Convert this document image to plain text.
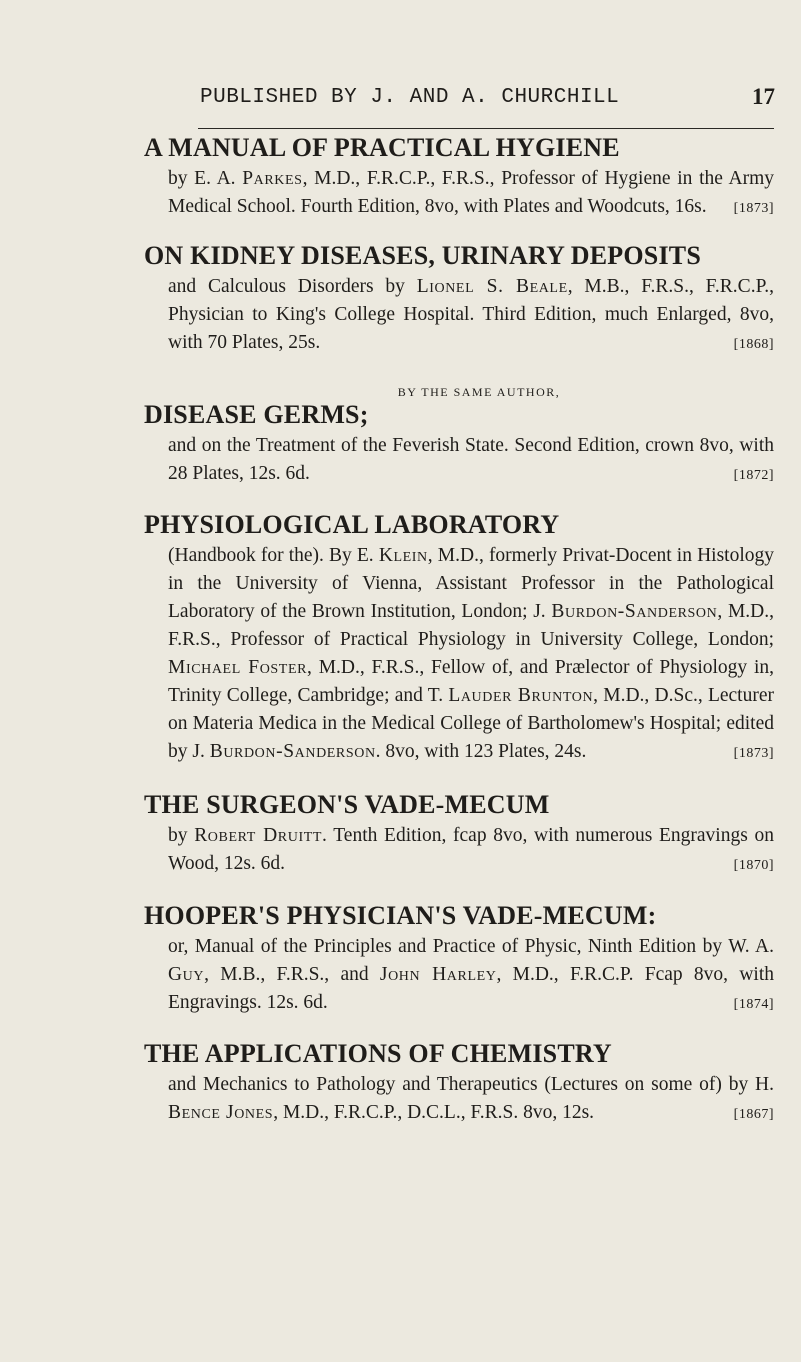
PUBLISHED BY J. AND A. CHURCHILL	17
A MANUAL OF PRACTICAL HYGIENE

by E. A. Parkes, M.D., F.R.C.P., F.R.S., Professor of Hygiene in the Army Medical School. Fourth Edition, 8vo, with Plates and Woodcuts, 16s. [1873]

ON KIDNEY DISEASES, URINARY DEPOSITS

and Calculous Disorders by Lionel S. Beale, M.B., F.R.S., F.R.C.P., Physician to King's College Hospital. Third Edition, much Enlarged, 8vo, with 70 Plates, 25s.	[1868]

BY THE SAME AUTHOR,

DISEASE GERMS;

and on the Treatment of the Feverish State. Second Edition, crown 8vo, with 28 Plates, 12s. 6d.	[1872]

PHYSIOLOGICAL LABORATORY

(Handbook for the). By E. Klein, M.D., formerly Privat-Docent in Histology in the University of Vienna, Assistant Professor in the Pathological Laboratory of the Brown Institution, London; J. Burdon-Sanderson, M.D., F.R.S., Professor of Practical Physiology in University College, London; Michael Foster, M.D., F.R.S., Fellow of, and Prælector of Physiology in, Trinity College, Cambridge; and T. Lauder Brunton, M.D., D.Sc., Lecturer on Materia Medica in the Medical College of Bartholomew's Hospital; edited by J. Burdon-Sanderson. 8vo, with 123 Plates, 24s.	[1873]

THE SURGEON'S VADE-MECUM

by Robert Druitt. Tenth Edition, fcap 8vo, with numerous Engravings on Wood, 12s. 6d.	[1870]

HOOPER'S PHYSICIAN'S VADE-MECUM:

or, Manual of the Principles and Practice of Physic, Ninth Edition by W. A. Guy, M.B., F.R.S., and John Harley, M.D., F.R.C.P. Fcap 8vo, with Engravings. 12s. 6d.	[1874]

THE APPLICATIONS OF CHEMISTRY

and Mechanics to Pathology and Therapeutics (Lectures on some of) by H. Bence Jones, M.D., F.R.C.P., D.C.L., F.R.S. 8vo, 12s.	[1867]
